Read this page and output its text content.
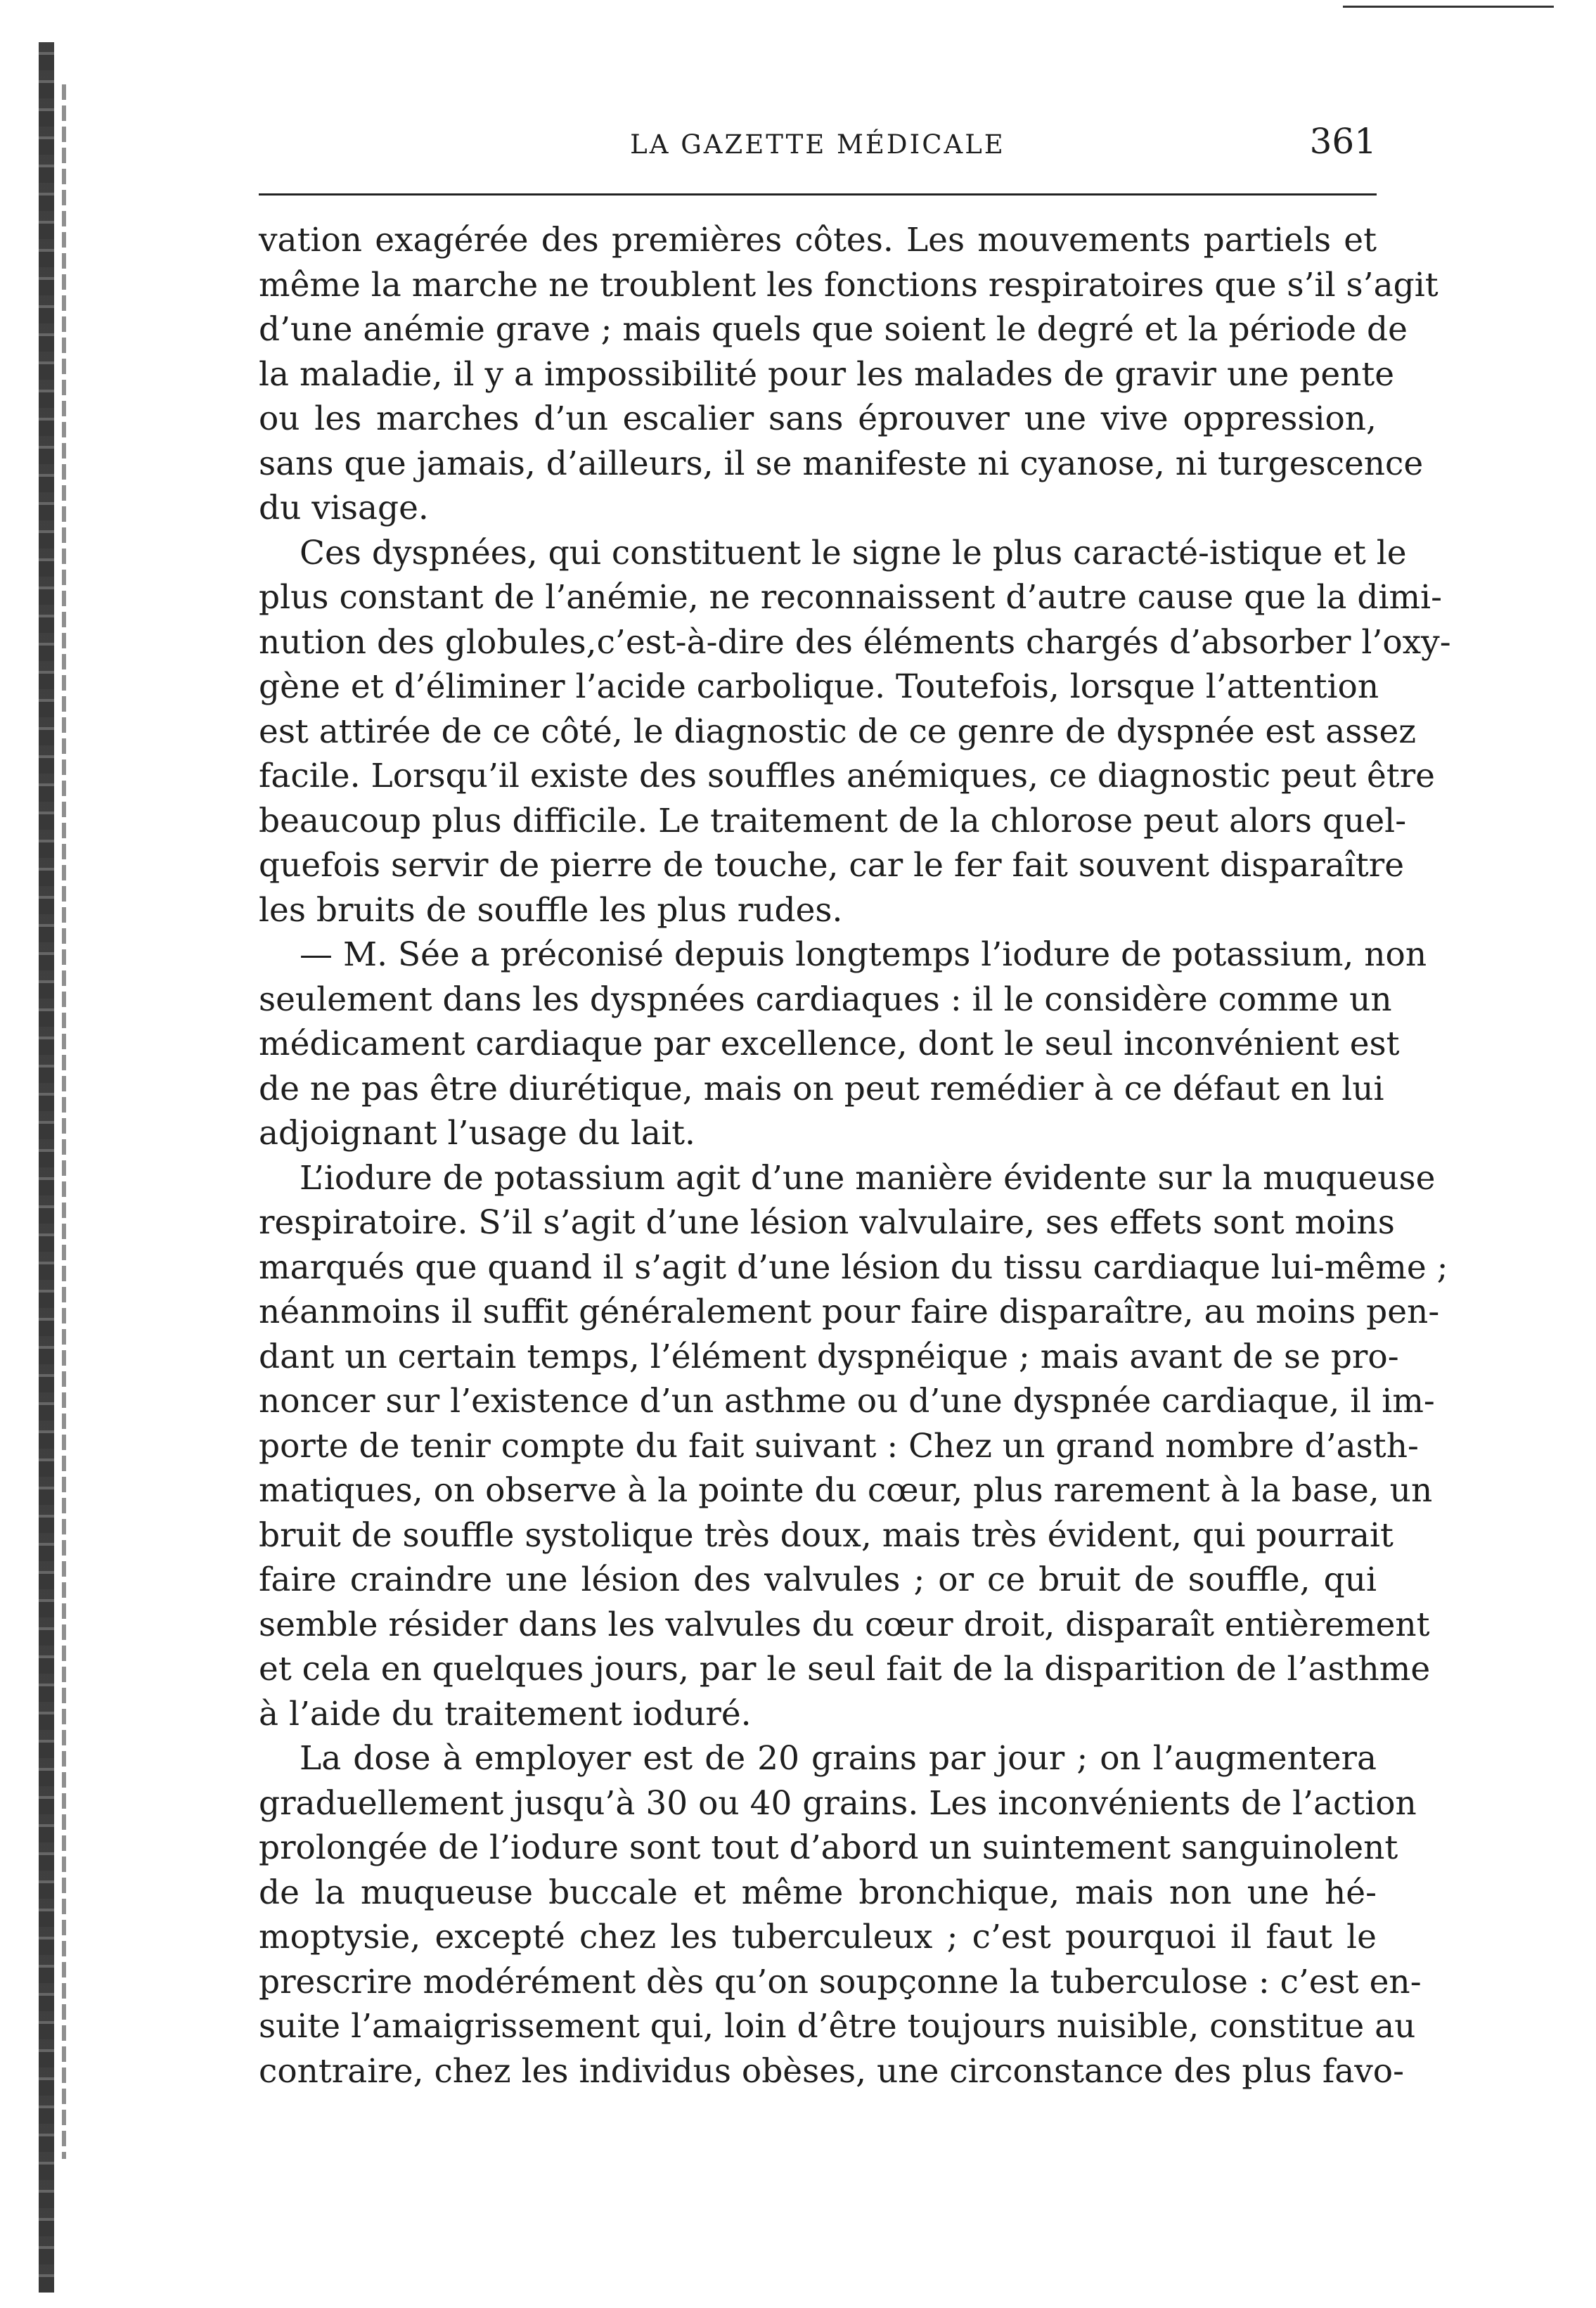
LA GAZETTE MÉDICALE	361
vation exagérée des premières côtes. Les mouvements partiels et
même la marche ne troublent les fonctions respiratoires que s’il s’agit
d’une anémie grave ; mais quels que soient le degré et la période de
la maladie, il y a impossibilité pour les malades de gravir une pente
ou les marches d’un escalier sans éprouver une vive oppression,
sans que jamais, d’ailleurs, il se manifeste ni cyanose, ni turgescence
du visage.
Ces dyspnées, qui constituent le signe le plus caracté-istique et le
plus constant de l’anémie, ne reconnaissent d’autre cause que la dimi-
nution des globules,c’est-à-dire des éléments chargés d’absorber l’oxy-
gène et d’éliminer l’acide carbolique. Toutefois, lorsque l’attention
est attirée de ce côté, le diagnostic de ce genre de dyspnée est assez
facile. Lorsqu’il existe des souffles anémiques, ce diagnostic peut être
beaucoup plus difficile. Le traitement de la chlorose peut alors quel-
quefois servir de pierre de touche, car le fer fait souvent disparaître
les bruits de souffle les plus rudes.
— M. Sée a préconisé depuis longtemps l’iodure de potassium, non
seulement dans les dyspnées cardiaques : il le considère comme un
médicament cardiaque par excellence, dont le seul inconvénient est
de ne pas être diurétique, mais on peut remédier à ce défaut en lui
adjoignant l’usage du lait.
L’iodure de potassium agit d’une manière évidente sur la muqueuse
respiratoire. S’il s’agit d’une lésion valvulaire, ses effets sont moins
marqués que quand il s’agit d’une lésion du tissu cardiaque lui-même ;
néanmoins il suffit généralement pour faire disparaître, au moins pen-
dant un certain temps, l’élément dyspnéique ; mais avant de se pro-
noncer sur l’existence d’un asthme ou d’une dyspnée cardiaque, il im-
porte de tenir compte du fait suivant : Chez un grand nombre d’asth-
matiques, on observe à la pointe du cœur, plus rarement à la base, un
bruit de souffle systolique très doux, mais très évident, qui pourrait
faire craindre une lésion des valvules ; or ce bruit de souffle, qui
semble résider dans les valvules du cœur droit, disparaît entièrement
et cela en quelques jours, par le seul fait de la disparition de l’asthme
à l’aide du traitement ioduré.
La dose à employer est de 20 grains par jour ; on l’augmentera
graduellement jusqu’à 30 ou 40 grains. Les inconvénients de l’action
prolongée de l’iodure sont tout d’abord un suintement sanguinolent
de la muqueuse buccale et même bronchique, mais non une hé-
moptysie, excepté chez les tuberculeux ; c’est pourquoi il faut le
prescrire modérément dès qu’on soupçonne la tuberculose : c’est en-
suite l’amaigrissement qui, loin d’être toujours nuisible, constitue au
contraire, chez les individus obèses, une circonstance des plus favo-
